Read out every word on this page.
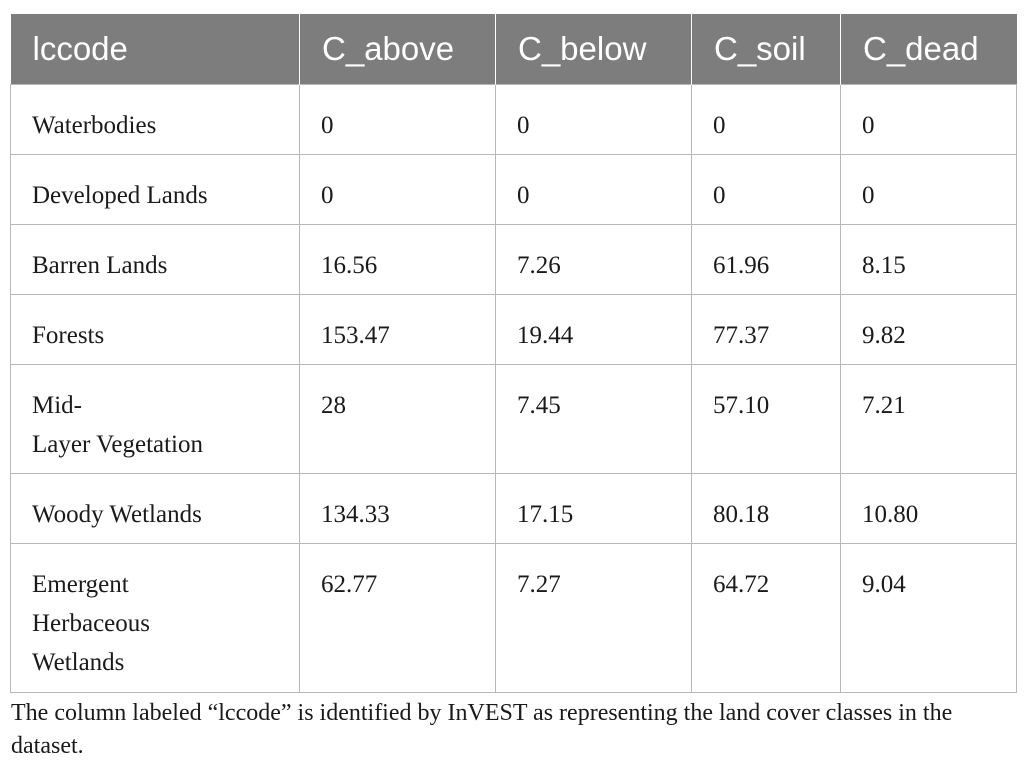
lccode	C_above	C_below	C_soil	C_dead
Waterbodies	0	0	0	0
Developed Lands	0	0	0	0
Barren Lands	16.56	7.26	61.96	8.15
Forests	153.47	19.44	77.37	9.82
Mid-
Layer Vegetation	28	7.45	57.10	7.21
Woody Wetlands	134.33	17.15	80.18	10.80
Emergent
Herbaceous
Wetlands	62.77	7.27	64.72	9.04
The column labeled “lccode” is identified by InVEST as representing the land cover classes in the dataset.
